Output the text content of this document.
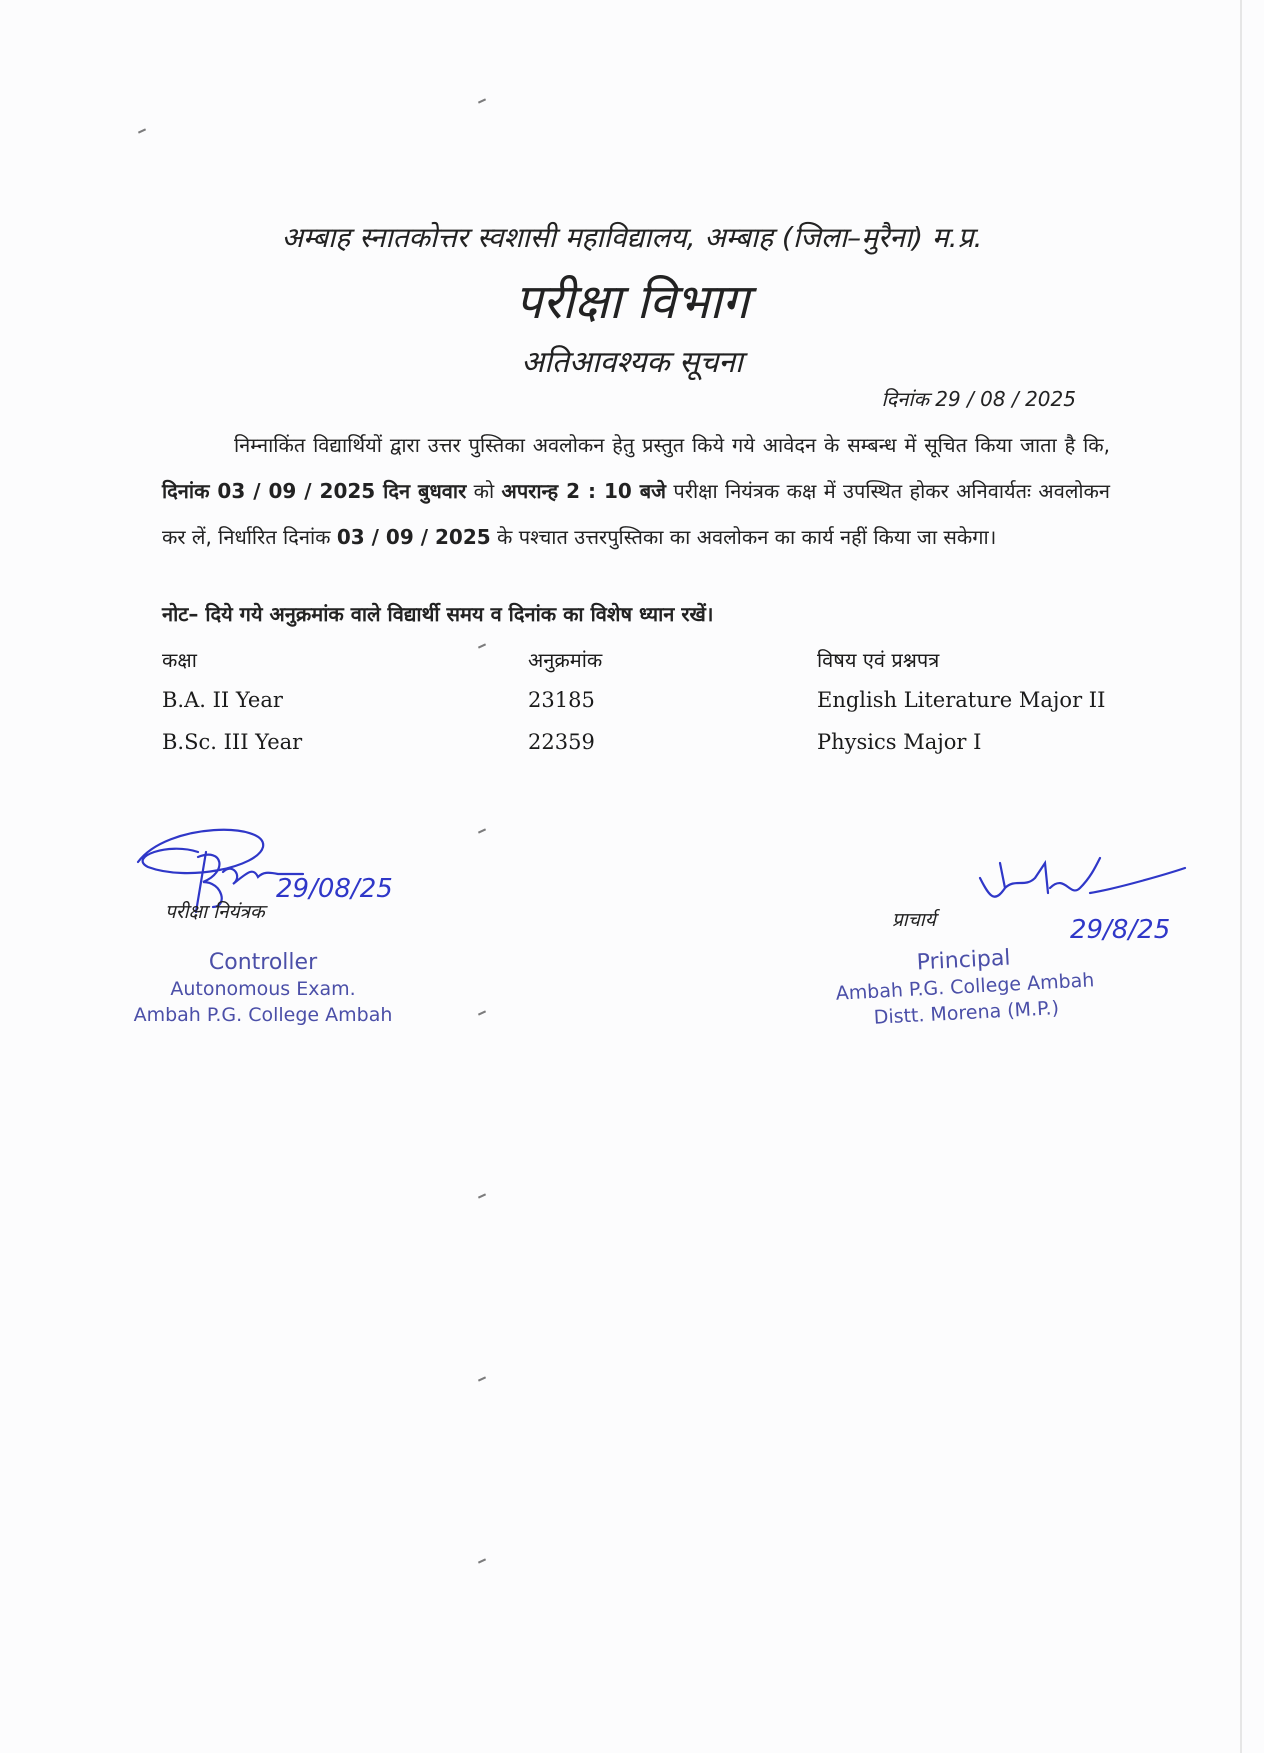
अम्बाह स्नातकोत्तर स्वशासी महाविद्यालय, अम्बाह (जिला–मुरैना) म.प्र.
परीक्षा विभाग
अतिआवश्यक सूचना
दिनांक 29 / 08 / 2025
निम्नाकिंत विद्यार्थियों द्वारा उत्तर पुस्तिका अवलोकन हेतु प्रस्तुत किये गये आवेदन के सम्बन्ध में सूचित किया जाता है कि, दिनांक 03 / 09 / 2025 दिन बुधवार को अपरान्ह 2 : 10 बजे परीक्षा नियंत्रक कक्ष में उपस्थित होकर अनिवार्यतः अवलोकन कर लें, निर्धारित दिनांक 03 / 09 / 2025 के पश्चात उत्तरपुस्तिका का अवलोकन का कार्य नहीं किया जा सकेगा।
नोट– दिये गये अनुक्रमांक वाले विद्यार्थी समय व दिनांक का विशेष ध्यान रखें।
कक्षा	अनुक्रमांक	विषय एवं प्रश्नपत्र
B.A. II Year	23185	English Literature Major II
B.Sc. III Year	22359	Physics Major I
29/08/25
परीक्षा नियंत्रक
Controller
Autonomous Exam.
Ambah P.G. College Ambah
29/8/25
प्राचार्य
Principal
Ambah P.G. College Ambah
Distt. Morena (M.P.)
